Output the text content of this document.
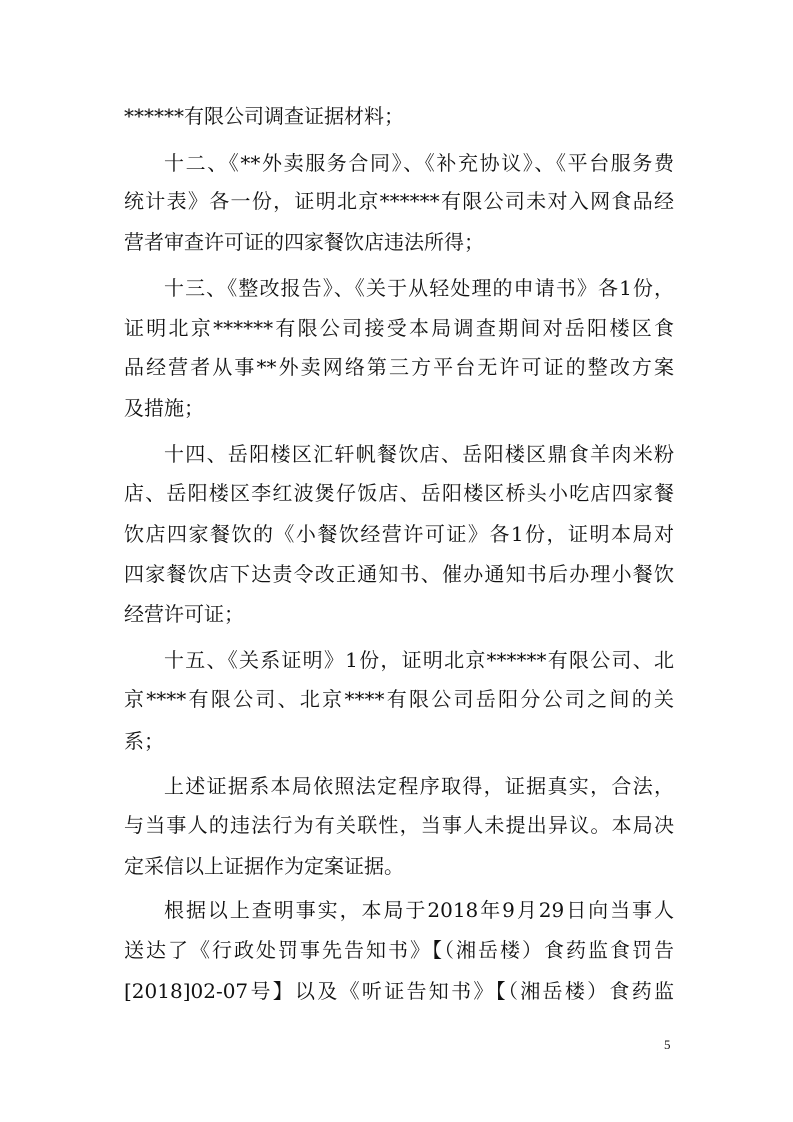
******有限公司调查证据材料；
十二、《**外卖服务合同》、《补充协议》、《平台服务费
统计表》各一份，证明北京******有限公司未对入网食品经
营者审查许可证的四家餐饮店违法所得；
十三、《整改报告》、《关于从轻处理的申请书》各1份，
证明北京******有限公司接受本局调查期间对岳阳楼区食
品经营者从事**外卖网络第三方平台无许可证的整改方案
及措施；
十四、岳阳楼区汇轩帆餐饮店、岳阳楼区鼎食羊肉米粉
店、岳阳楼区李红波煲仔饭店、岳阳楼区桥头小吃店四家餐
饮店四家餐饮的《小餐饮经营许可证》各1份，证明本局对
四家餐饮店下达责令改正通知书、催办通知书后办理小餐饮
经营许可证；
十五、《关系证明》1份，证明北京******有限公司、北
京****有限公司、北京****有限公司岳阳分公司之间的关
系；
上述证据系本局依照法定程序取得，证据真实，合法，
与当事人的违法行为有关联性，当事人未提出异议。本局决
定采信以上证据作为定案证据。
根据以上查明事实，本局于2018年9月29日向当事人
送达了《行政处罚事先告知书》【（湘岳楼）食药监食罚告
[2018]02-07号】以及《听证告知书》【（湘岳楼）食药监
5
